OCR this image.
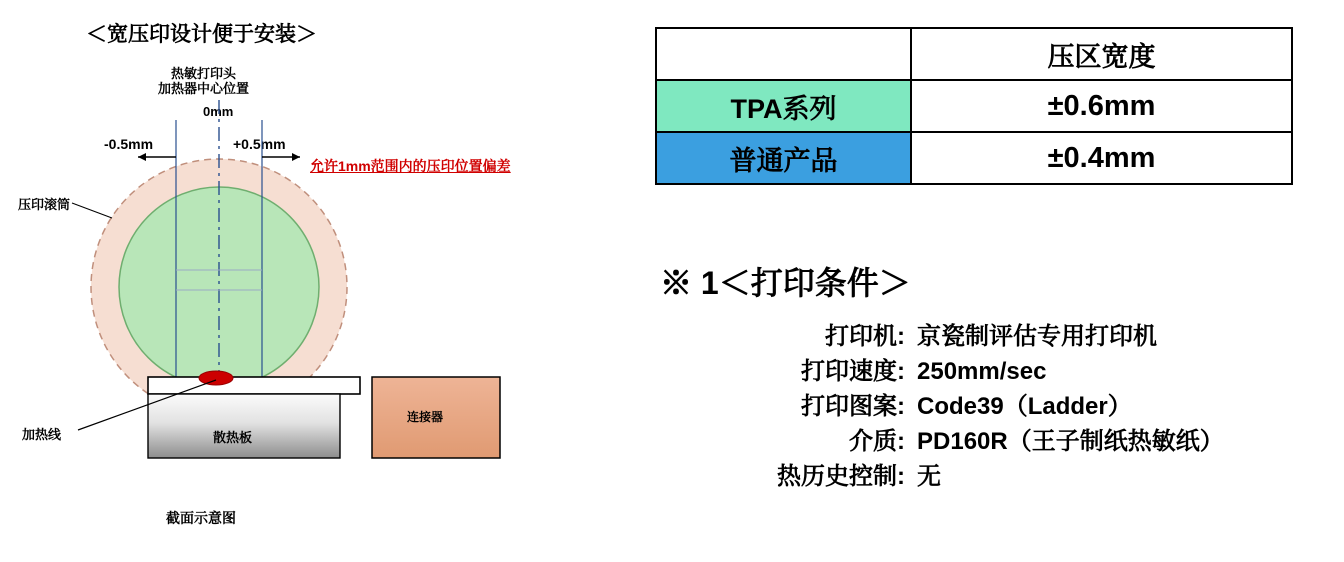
＜宽压印设计便于安装＞
热敏打印头
加热器中心位置
0mm
-0.5mm	+0.5mm
允许1mm范围内的压印位置偏差
压印滚筒
加热线	散热板
连接器
截面示意图
	压区宽度
TPA系列	±0.6mm
普通产品	±0.4mm
※ 1＜打印条件＞
打印机: 京瓷制评估专用打印机
打印速度: 250mm/sec
打印图案: Code39（Ladder）
介质: PD160R（王子制纸热敏纸）
热历史控制: 无
